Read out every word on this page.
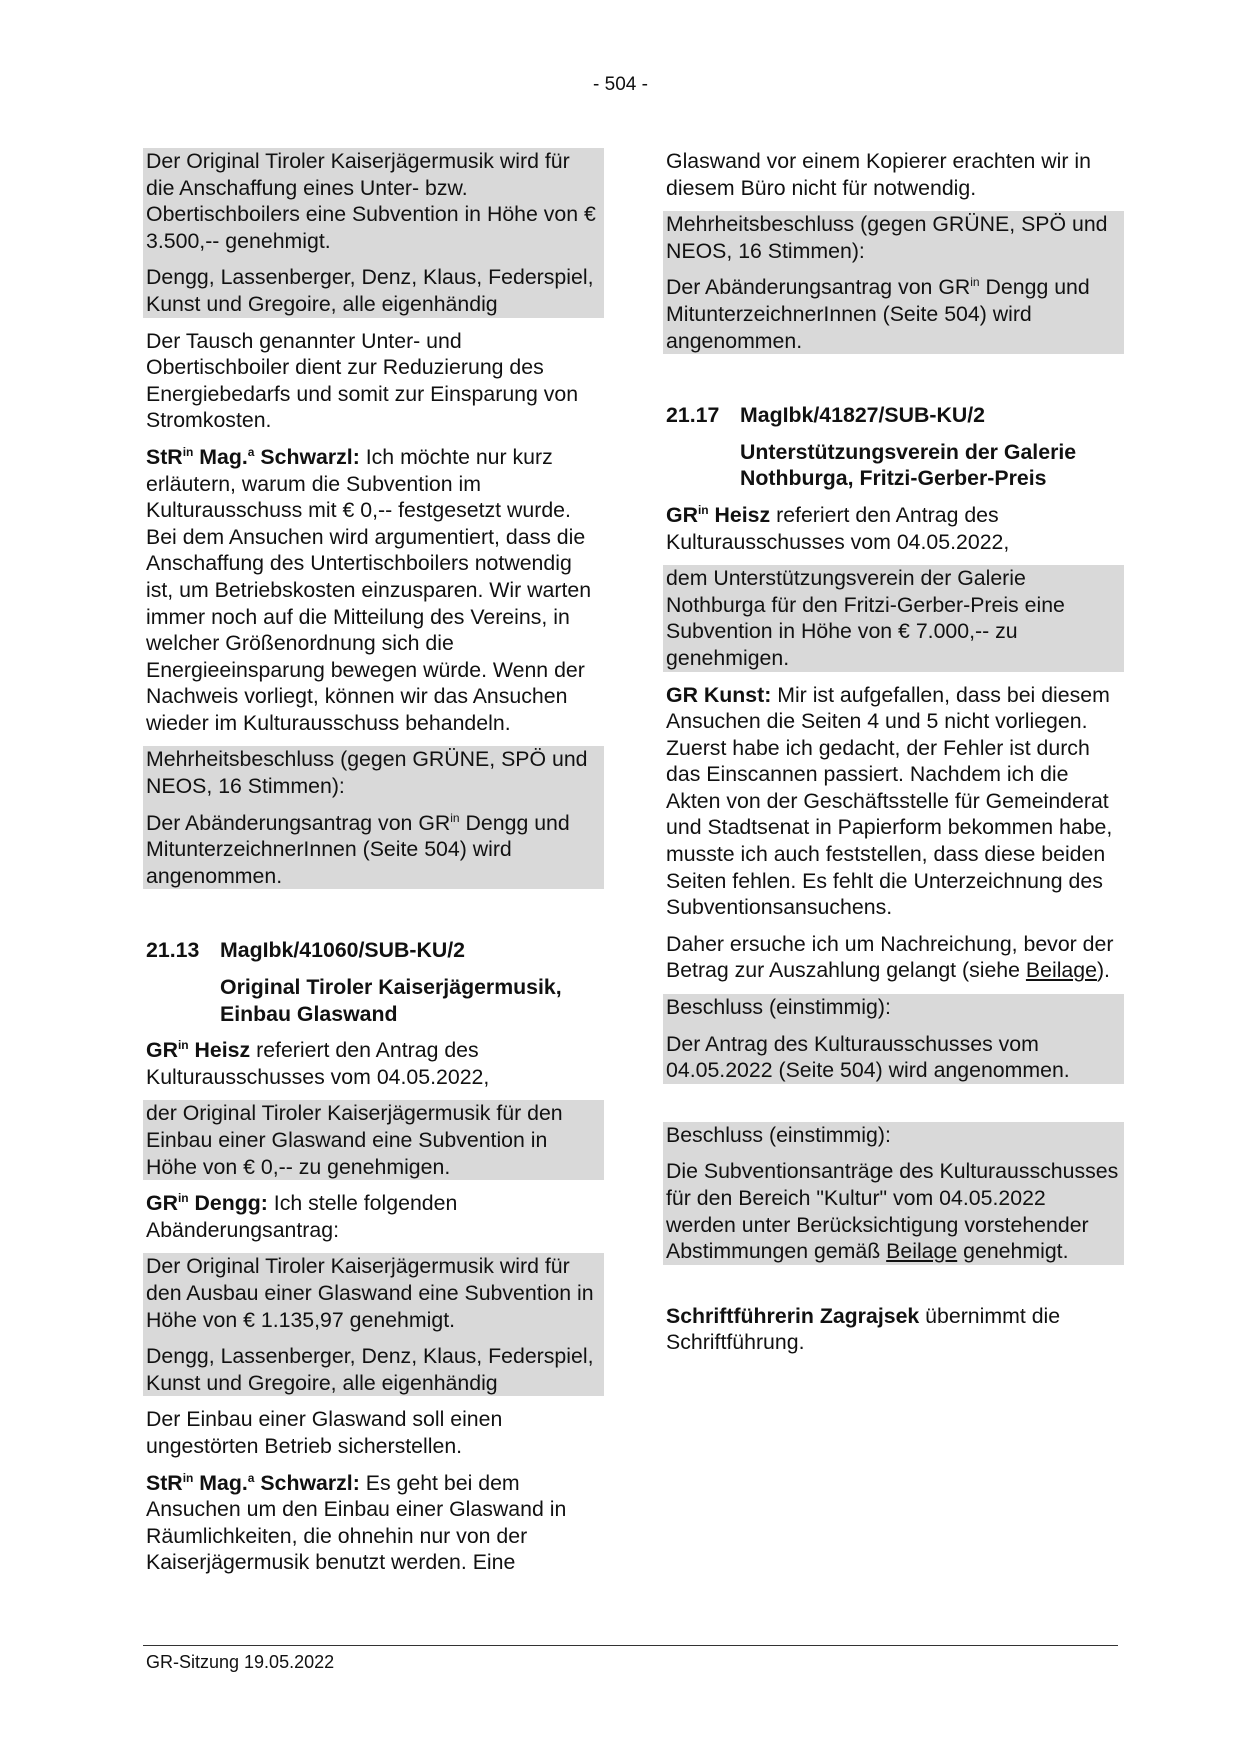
- 504 -

Der Original Tiroler Kaiserjägermusik wird für die Anschaffung eines Unter- bzw. Obertischboilers eine Subvention in Höhe von € 3.500,-- genehmigt.

Dengg, Lassenberger, Denz, Klaus, Federspiel, Kunst und Gregoire, alle eigenhändig

Der Tausch genannter Unter- und Obertischboiler dient zur Reduzierung des Energiebedarfs und somit zur Einsparung von Stromkosten.

StR$^{in}$ Mag.$^a$ Schwarzl: Ich möchte nur kurz erläutern, warum die Subvention im Kulturausschuss mit € 0,-- festgesetzt wurde. Bei dem Ansuchen wird argumentiert, dass die Anschaffung des Untertischboilers notwendig ist, um Betriebskosten einzusparen. Wir warten immer noch auf die Mitteilung des Vereins, in welcher Größenordnung sich die Energieeinsparung bewegen würde. Wenn der Nachweis vorliegt, können wir das Ansuchen wieder im Kulturausschuss behandeln.

Mehrheitsbeschluss (gegen GRÜNE, SPÖ und NEOS, 16 Stimmen):

Der Abänderungsantrag von $GR^{in}$ Dengg und MitunterzeichnerInnen (Seite 504) wird angenommen.

21.13 MagIbk/41060/SUB-KU/2
Original Tiroler Kaiserjägermusik, Einbau Glaswand

$GR^{in}$ Heisz referiert den Antrag des Kulturausschusses vom 04.05.2022,

der Original Tiroler Kaiserjägermusik für den Einbau einer Glaswand eine Subvention in Höhe von € 0,-- zu genehmigen.

$GR^{in}$ Dengg: Ich stelle folgenden Abänderungsantrag:

Der Original Tiroler Kaiserjägermusik wird für den Ausbau einer Glaswand eine Subvention in Höhe von € 1.135,97 genehmigt.

Dengg, Lassenberger, Denz, Klaus, Federspiel, Kunst und Gregoire, alle eigenhändig

Der Einbau einer Glaswand soll einen ungestörten Betrieb sicherstellen.

StR$^{in}$ Mag.$^a$ Schwarzl: Es geht bei dem Ansuchen um den Einbau einer Glaswand in Räumlichkeiten, die ohnehin nur von der Kaiserjägermusik benutzt werden. Eine

Glaswand vor einem Kopierer erachten wir in diesem Büro nicht für notwendig.

Mehrheitsbeschluss (gegen GRÜNE, SPÖ und NEOS, 16 Stimmen):

Der Abänderungsantrag von $GR^{in}$ Dengg und MitunterzeichnerInnen (Seite 504) wird angenommen.

21.17 MagIbk/41827/SUB-KU/2
Unterstützungsverein der Galerie Nothburga, Fritzi-Gerber-Preis

$GR^{in}$ Heisz referiert den Antrag des Kulturausschusses vom 04.05.2022,

dem Unterstützungsverein der Galerie Nothburga für den Fritzi-Gerber-Preis eine Subvention in Höhe von € 7.000,-- zu genehmigen.

GR Kunst: Mir ist aufgefallen, dass bei diesem Ansuchen die Seiten 4 und 5 nicht vorliegen. Zuerst habe ich gedacht, der Fehler ist durch das Einscannen passiert. Nachdem ich die Akten von der Geschäftsstelle für Gemeinderat und Stadtsenat in Papierform bekommen habe, musste ich auch feststellen, dass diese beiden Seiten fehlen. Es fehlt die Unterzeichnung des Subventionsansuchens.

Daher ersuche ich um Nachreichung, bevor der Betrag zur Auszahlung gelangt (siehe Beilage).

Beschluss (einstimmig):

Der Antrag des Kulturausschusses vom 04.05.2022 (Seite 504) wird angenommen.

Beschluss (einstimmig):

Die Subventionsanträge des Kulturausschusses für den Bereich "Kultur" vom 04.05.2022 werden unter Berücksichtigung vorstehender Abstimmungen gemäß Beilage genehmigt.

Schriftführerin Zagrajsek übernimmt die Schriftführung.

GR-Sitzung 19.05.2022
